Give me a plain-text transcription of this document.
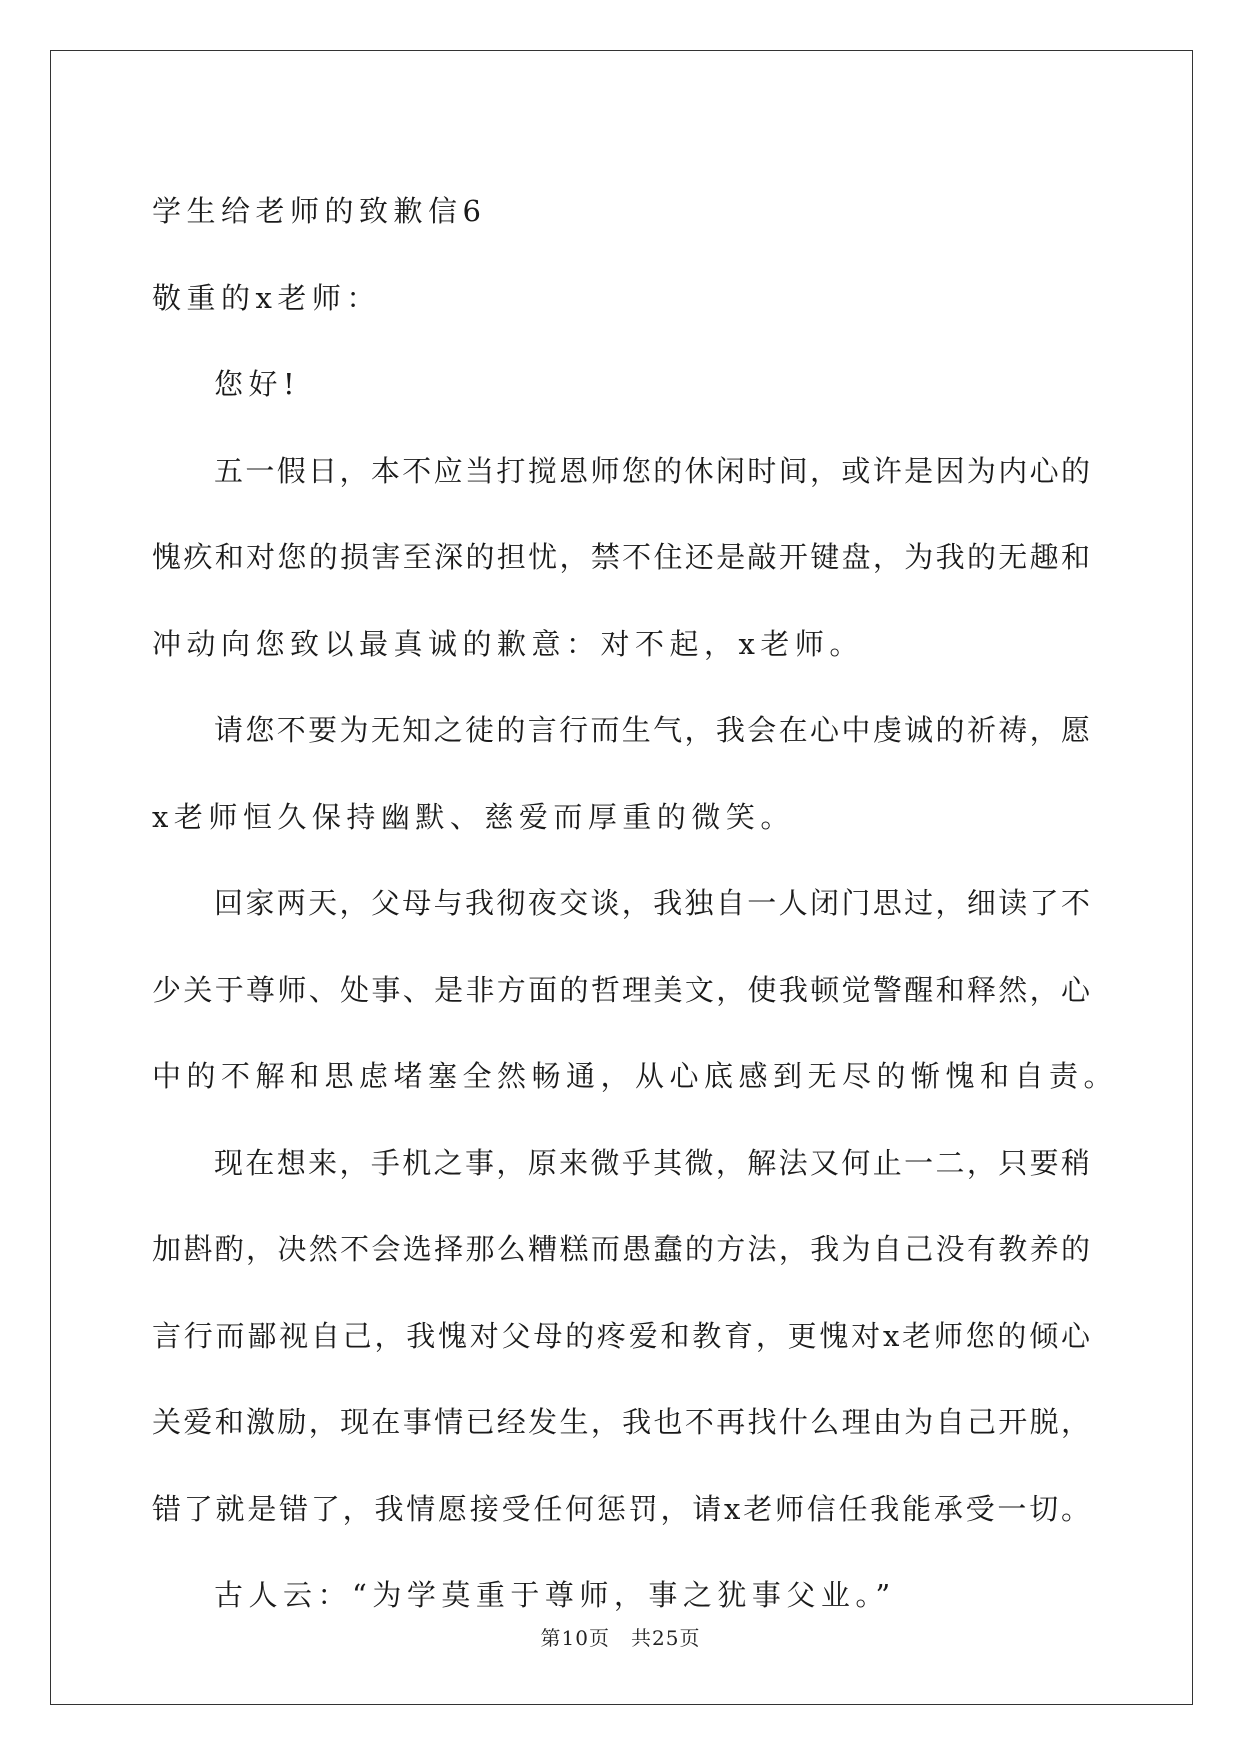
学生给老师的致歉信6
敬重的x老师：
您好!
五一假日，本不应当打搅恩师您的休闲时间，或许是因为内心的
愧疚和对您的损害至深的担忧，禁不住还是敲开键盘，为我的无趣和
冲动向您致以最真诚的歉意：对不起，x老师。
请您不要为无知之徒的言行而生气，我会在心中虔诚的祈祷，愿
x老师恒久保持幽默、慈爱而厚重的微笑。
回家两天，父母与我彻夜交谈，我独自一人闭门思过，细读了不
少关于尊师、处事、是非方面的哲理美文，使我顿觉警醒和释然，心
中的不解和思虑堵塞全然畅通，从心底感到无尽的惭愧和自责。
现在想来，手机之事，原来微乎其微，解法又何止一二，只要稍
加斟酌，决然不会选择那么糟糕而愚蠢的方法，我为自己没有教养的
言行而鄙视自己，我愧对父母的疼爱和教育，更愧对x老师您的倾心
关爱和激励，现在事情已经发生，我也不再找什么理由为自己开脱，
错了就是错了，我情愿接受任何惩罚，请x老师信任我能承受一切。
古人云：“为学莫重于尊师，事之犹事父业。”
第10页　共25页
